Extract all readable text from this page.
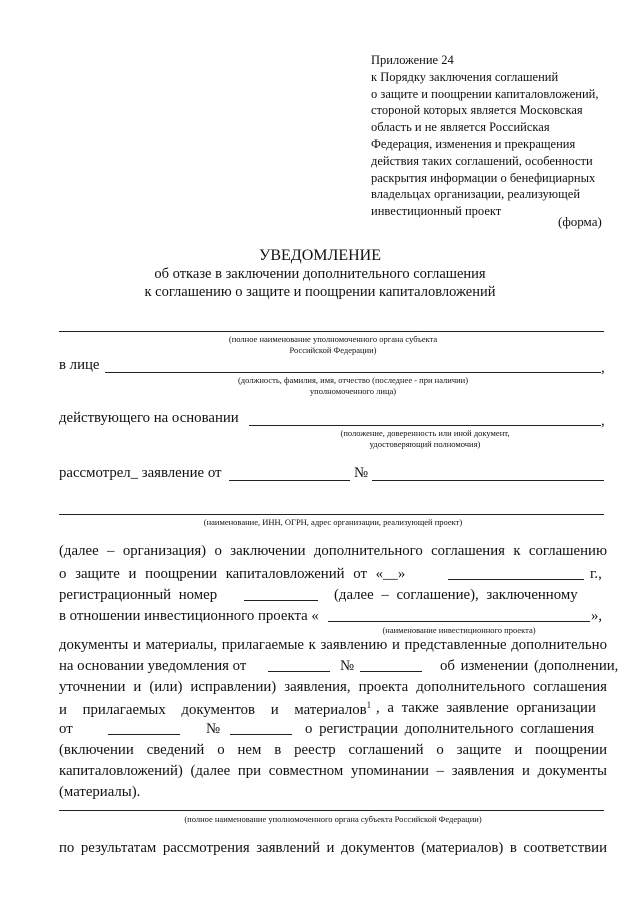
Приложение 24
к Порядку заключения соглашений
о защите и поощрении капиталовложений,
стороной которых является Московская
область и не является Российская
Федерация, изменения и прекращения
действия таких соглашений, особенности
раскрытия информации о бенефициарных
владельцах организации, реализующей
инвестиционный проект
(форма)
УВЕДОМЛЕНИЕ
об отказе в заключении дополнительного соглашения
к соглашению о защите и поощрении капиталовложений
(полное наименование уполномоченного органа субъекта
Российской Федерации)
в лице	,
(должность, фамилия, имя, отчество (последнее - при наличии)
уполномоченного лица)
действующего на основании	,
(положение, доверенность или иной документ,
удостоверяющий полномочия)
рассмотрел_ заявление от	№
(наименование, ИНН, ОГРН, адрес организации, реализующей проект)
(далее – организация) о заключении дополнительного соглашения к соглашению
о защите и поощрении капиталовложений от «__»	г.,
регистрационный номер	(далее – соглашение), заключенному
в отношении инвестиционного проекта «	»,
(наименование инвестиционного проекта)
документы и материалы, прилагаемые к заявлению и представленные дополнительно
на основании уведомления от	№	об изменении (дополнении,
уточнении и (или) исправлении) заявления, проекта дополнительного соглашения
и прилагаемых документов и материалов$^1$ , а также заявление организации
от	№	о регистрации дополнительного соглашения
(включении сведений о нем в реестр соглашений о защите и поощрении
капиталовложений) (далее при совместном упоминании – заявления и документы
(материалы).
(полное наименование уполномоченного органа субъекта Российской Федерации)
по результатам рассмотрения заявлений и документов (материалов) в соответствии
